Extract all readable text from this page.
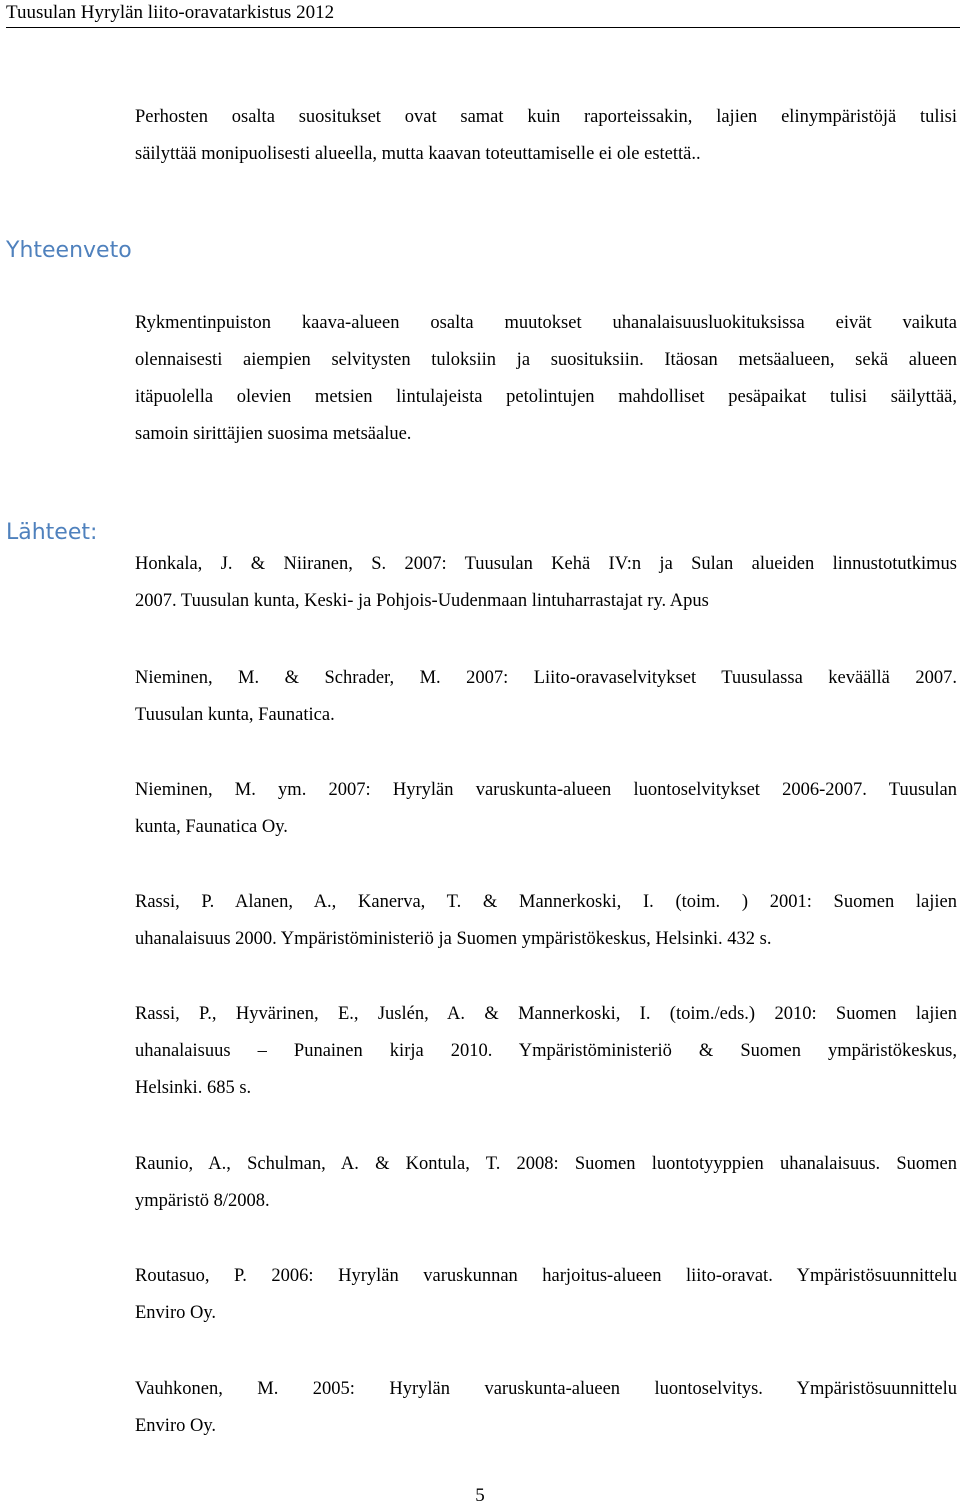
Tuusulan Hyrylän liito-oravatarkistus 2012

Perhosten osalta suositukset ovat samat kuin raporteissakin, lajien elinympäristöjä tulisi
säilyttää monipuolisesti alueella, mutta kaavan toteuttamiselle ei ole estettä..

Yhteenveto

Rykmentinpuiston kaava-alueen osalta muutokset uhanalaisuusluokituksissa eivät vaikuta
olennaisesti aiempien selvitysten tuloksiin ja suosituksiin. Itäosan metsäalueen, sekä alueen
itäpuolella olevien metsien lintulajeista petolintujen mahdolliset pesäpaikat tulisi säilyttää,
samoin sirittäjien suosima metsäalue.

Lähteet:

Honkala, J. & Niiranen, S. 2007: Tuusulan Kehä IV:n ja Sulan alueiden linnustotutkimus
2007. Tuusulan kunta, Keski- ja Pohjois-Uudenmaan lintuharrastajat ry. Apus

Nieminen, M. & Schrader, M. 2007: Liito-oravaselvitykset Tuusulassa keväällä 2007.
Tuusulan kunta, Faunatica.

Nieminen, M. ym. 2007: Hyrylän varuskunta-alueen luontoselvitykset 2006-2007. Tuusulan
kunta, Faunatica Oy.

Rassi, P. Alanen, A., Kanerva, T. & Mannerkoski, I. (toim. ) 2001: Suomen lajien
uhanalaisuus 2000. Ympäristöministeriö ja Suomen ympäristökeskus, Helsinki. 432 s.

Rassi, P., Hyvärinen, E., Juslén, A. & Mannerkoski, I. (toim./eds.) 2010: Suomen lajien
uhanalaisuus – Punainen kirja 2010. Ympäristöministeriö & Suomen ympäristökeskus,
Helsinki. 685 s.

Raunio, A., Schulman, A. & Kontula, T. 2008: Suomen luontotyyppien uhanalaisuus. Suomen
ympäristö 8/2008.

Routasuo, P. 2006: Hyrylän varuskunnan harjoitus-alueen liito-oravat. Ympäristösuunnittelu
Enviro Oy.

Vauhkonen, M. 2005: Hyrylän varuskunta-alueen luontoselvitys. Ympäristösuunnittelu
Enviro Oy.

5
